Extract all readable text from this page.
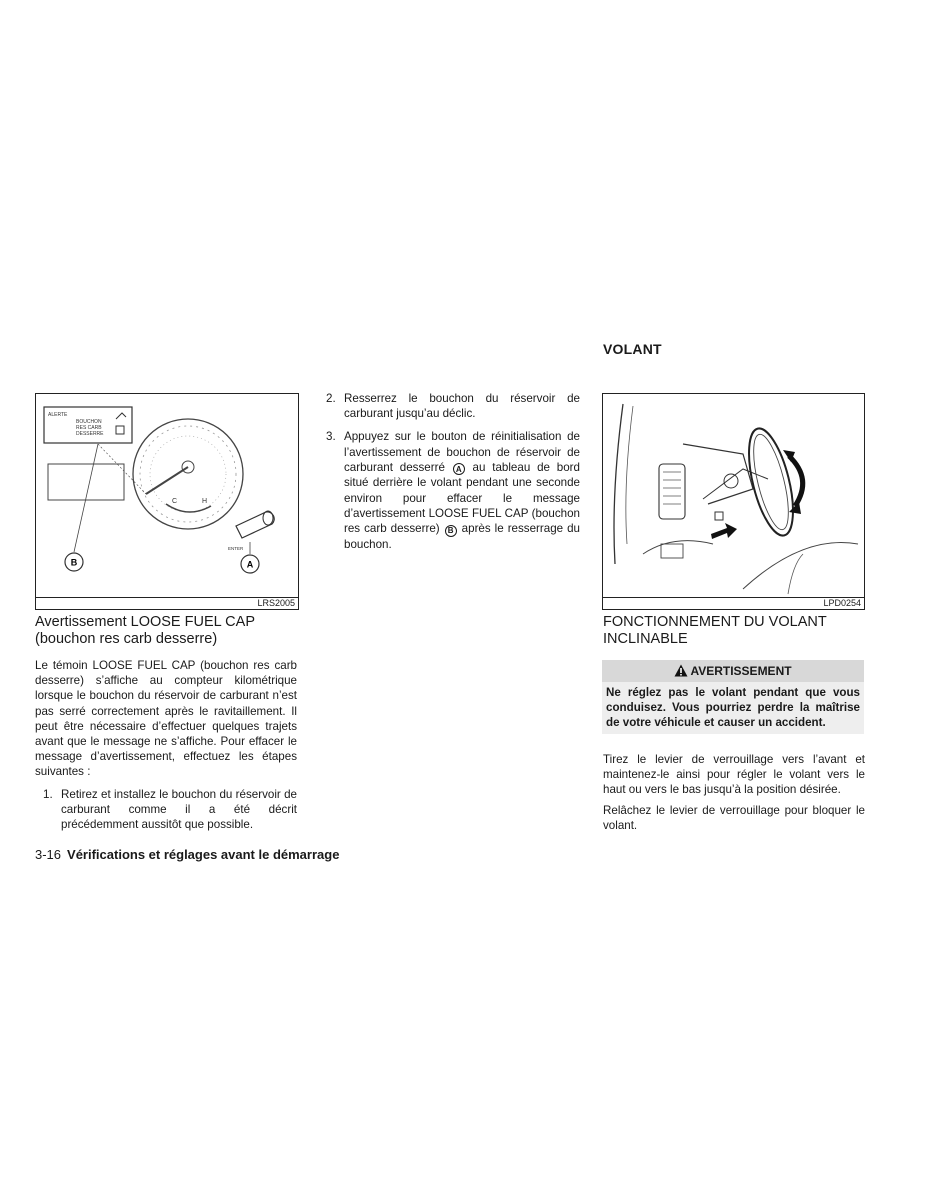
ALERTE
BOUCHON
RES CARB
DESSERRE
C	H
ENTER
B	A
LRS2005
Avertissement LOOSE FUEL CAP (bouchon res carb desserre)

Le témoin LOOSE FUEL CAP (bouchon res carb desserre) s’affiche au compteur kilométrique lorsque le bouchon du réservoir de carburant n’est pas serré correctement après le ravitaillement. Il peut être nécessaire d’effectuer quelques trajets avant que le message ne s’affiche. Pour effacer le message d’avertissement, effectuez les étapes suivantes :

1. Retirez et installez le bouchon du réservoir de carburant comme il a été décrit précédemment aussitôt que possible.
2. Resserrez le bouchon du réservoir de carburant jusqu’au déclic.
3. Appuyez sur le bouton de réinitialisation de l’avertissement de bouchon de réservoir de carburant desserré A au tableau de bord situé derrière le volant pendant une seconde environ pour effacer le message d’avertissement LOOSE FUEL CAP (bouchon res carb desserre) B après le resserrage du bouchon.
VOLANT
LPD0254
FONCTIONNEMENT DU VOLANT INCLINABLE
AVERTISSEMENT
Ne réglez pas le volant pendant que vous conduisez. Vous pourriez perdre la maîtrise de votre véhicule et causer un accident.

Tirez le levier de verrouillage vers l’avant et maintenez-le ainsi pour régler le volant vers le haut ou vers le bas jusqu’à la position désirée.

Relâchez le levier de verrouillage pour bloquer le volant.

3-16 Vérifications et réglages avant le démarrage
